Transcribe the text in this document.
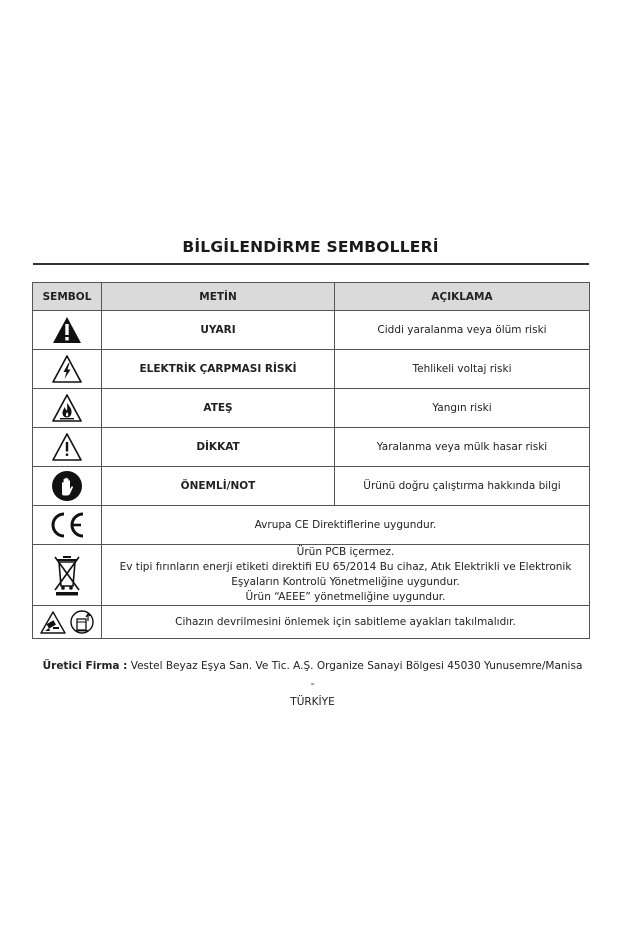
BİLGİLENDİRME SEMBOLLERİ
SEMBOL	METİN	AÇIKLAMA

	UYARI	Ciddi yaralanma veya ölüm riski

	ELEKTRİK ÇARPMASI RİSKİ	Tehlikeli voltaj riski

	ATEŞ	Yangın riski

	DİKKAT	Yaralanma veya mülk hasar riski

	ÖNEMLİ/NOT	Ürünü doğru çalıştırma hakkında bilgi

	Avrupa CE Direktiflerine uygundur.	

Ürün PCB içermez.
Ev tipi fırınların enerji etiketi direktifi EU 65/2014 Bu cihaz, Atık Elektrikli ve Elektronik
Eşyaların Kontrolü Yönetmeliğine uygundur.
Ürün “AEEE” yönetmeliğine uygundur.	

	Cihazın devrilmesini önlemek için sabitleme ayakları takılmalıdır.	
Üretici Firma : Vestel Beyaz Eşya San. Ve Tic. A.Ş. Organize Sanayi Bölgesi 45030 Yunusemre/Manisa -
TÜRKİYE
